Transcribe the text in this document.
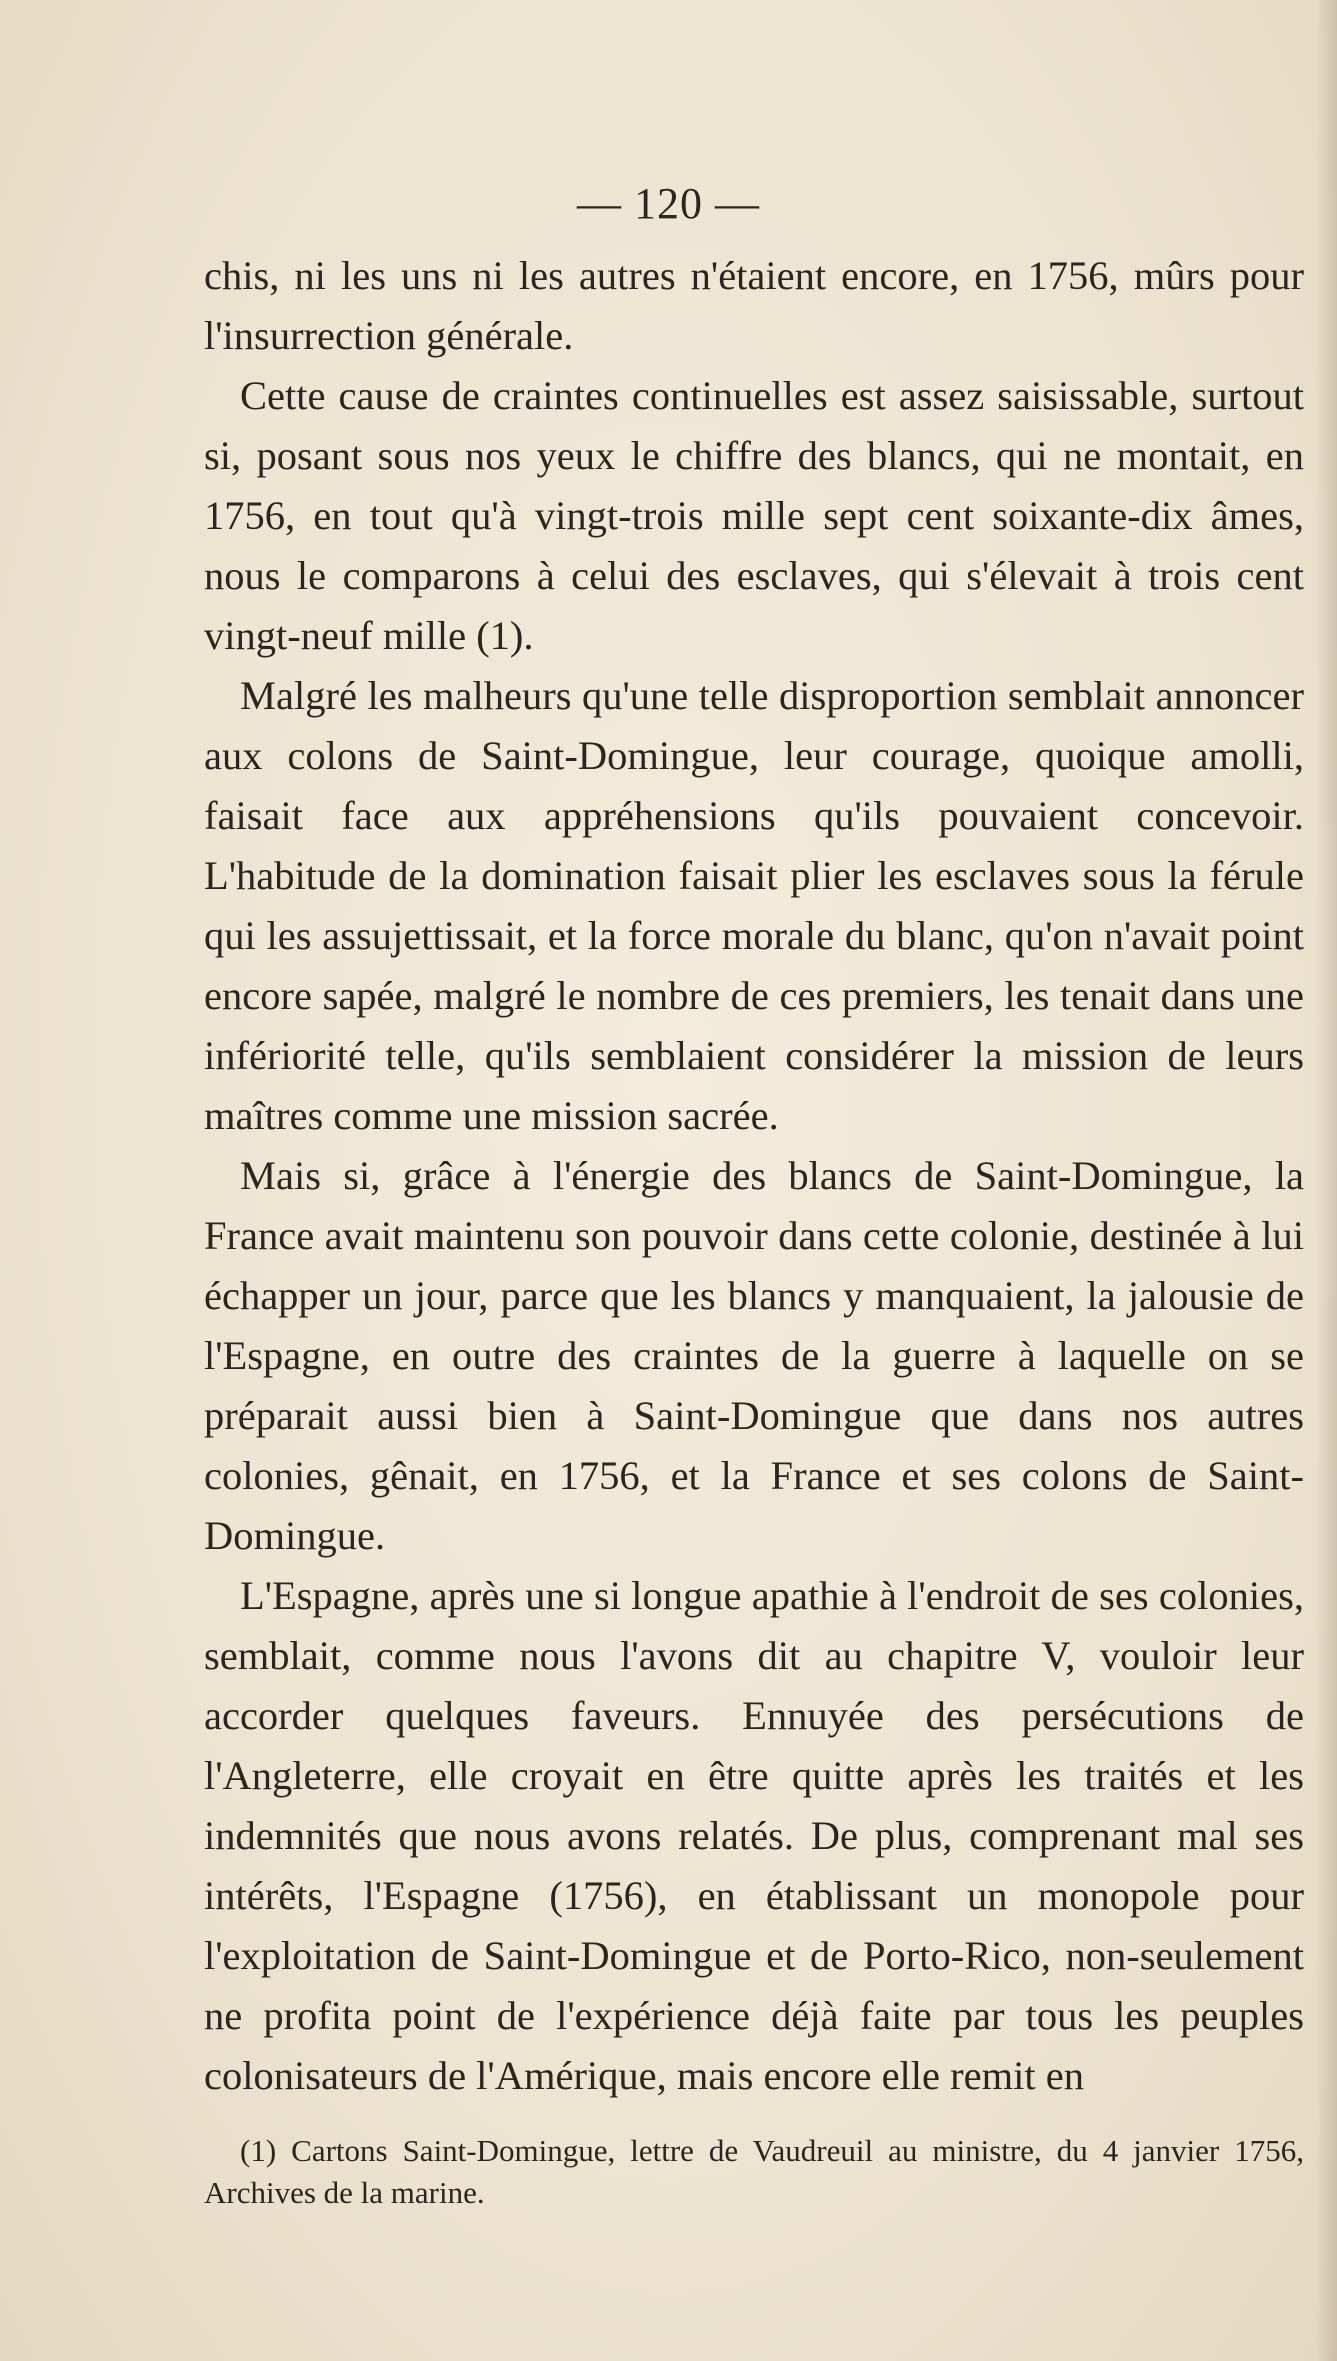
— 120 —

chis, ni les uns ni les autres n'étaient encore, en 1756, mûrs pour l'insurrection générale.

Cette cause de craintes continuelles est assez saisissable, surtout si, posant sous nos yeux le chiffre des blancs, qui ne montait, en 1756, en tout qu'à vingt-trois mille sept cent soixante-dix âmes, nous le comparons à celui des esclaves, qui s'élevait à trois cent vingt-neuf mille (1).

Malgré les malheurs qu'une telle disproportion semblait annoncer aux colons de Saint-Domingue, leur courage, quoique amolli, faisait face aux appréhensions qu'ils pouvaient concevoir. L'habitude de la domination faisait plier les esclaves sous la férule qui les assujettissait, et la force morale du blanc, qu'on n'avait point encore sapée, malgré le nombre de ces premiers, les tenait dans une infériorité telle, qu'ils semblaient considérer la mission de leurs maîtres comme une mission sacrée.

Mais si, grâce à l'énergie des blancs de Saint-Domingue, la France avait maintenu son pouvoir dans cette colonie, destinée à lui échapper un jour, parce que les blancs y manquaient, la jalousie de l'Espagne, en outre des craintes de la guerre à laquelle on se préparait aussi bien à Saint-Domingue que dans nos autres colonies, gênait, en 1756, et la France et ses colons de Saint-Domingue.

L'Espagne, après une si longue apathie à l'endroit de ses colonies, semblait, comme nous l'avons dit au chapitre V, vouloir leur accorder quelques faveurs. Ennuyée des persécutions de l'Angleterre, elle croyait en être quitte après les traités et les indemnités que nous avons relatés. De plus, comprenant mal ses intérêts, l'Espagne (1756), en établissant un monopole pour l'exploitation de Saint-Domingue et de Porto-Rico, non-seulement ne profita point de l'expérience déjà faite par tous les peuples colonisateurs de l'Amérique, mais encore elle remit en

(1) Cartons Saint-Domingue, lettre de Vaudreuil au ministre, du 4 janvier 1756, Archives de la marine.
